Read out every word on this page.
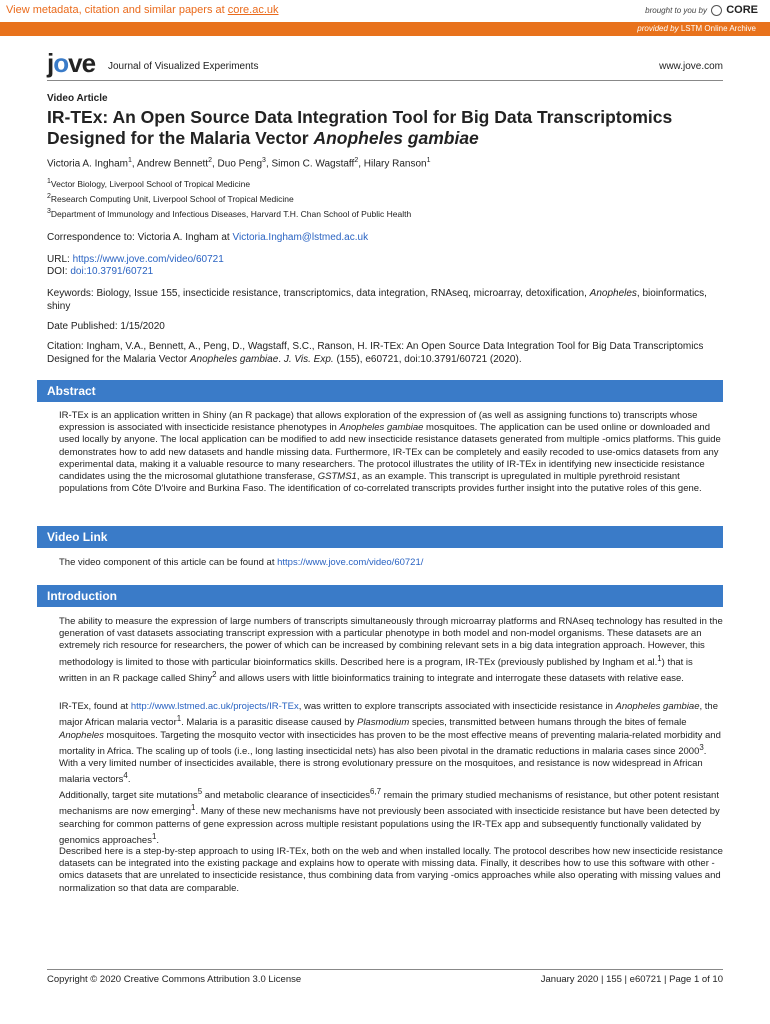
View metadata, citation and similar papers at core.ac.uk	brought to you by CORE
provided by LSTM Online Archive
jove Journal of Visualized Experiments	www.jove.com
Video Article
IR-TEx: An Open Source Data Integration Tool for Big Data Transcriptomics Designed for the Malaria Vector Anopheles gambiae
Victoria A. Ingham$^1$, Andrew Bennett$^2$, Duo Peng$^3$, Simon C. Wagstaff$^2$, Hilary Ranson$^1$
$^1$Vector Biology, Liverpool School of Tropical Medicine
$^2$Research Computing Unit, Liverpool School of Tropical Medicine
$^3$Department of Immunology and Infectious Diseases, Harvard T.H. Chan School of Public Health
Correspondence to: Victoria A. Ingham at Victoria.Ingham@lstmed.ac.uk
URL: https://www.jove.com/video/60721
DOI: doi:10.3791/60721
Keywords: Biology, Issue 155, insecticide resistance, transcriptomics, data integration, RNAseq, microarray, detoxification, Anopheles, bioinformatics, shiny
Date Published: 1/15/2020
Citation: Ingham, V.A., Bennett, A., Peng, D., Wagstaff, S.C., Ranson, H. IR-TEx: An Open Source Data Integration Tool for Big Data Transcriptomics Designed for the Malaria Vector Anopheles gambiae. J. Vis. Exp. (155), e60721, doi:10.3791/60721 (2020).
Abstract
IR-TEx is an application written in Shiny (an R package) that allows exploration of the expression of (as well as assigning functions to) transcripts whose expression is associated with insecticide resistance phenotypes in Anopheles gambiae mosquitoes. The application can be used online or downloaded and used locally by anyone. The local application can be modified to add new insecticide resistance datasets generated from multiple -omics platforms. This guide demonstrates how to add new datasets and handle missing data. Furthermore, IR-TEx can be completely and easily recoded to use-omics datasets from any experimental data, making it a valuable resource to many researchers. The protocol illustrates the utility of IR-TEx in identifying new insecticide resistance candidates using the the microsomal glutathione transferase, GSTMS1, as an example. This transcript is upregulated in multiple pyrethroid resistant populations from Côte D'Ivoire and Burkina Faso. The identification of co-correlated transcripts provides further insight into the putative roles of this gene.
Video Link
The video component of this article can be found at https://www.jove.com/video/60721/
Introduction
The ability to measure the expression of large numbers of transcripts simultaneously through microarray platforms and RNAseq technology has resulted in the generation of vast datasets associating transcript expression with a particular phenotype in both model and non-model organisms. These datasets are an extremely rich resource for researchers, the power of which can be increased by combining relevant sets in a big data integration approach. However, this methodology is limited to those with particular bioinformatics skills. Described here is a program, IR-TEx (previously published by Ingham et al.$^1$) that is written in an R package called Shiny$^2$ and allows users with little bioinformatics training to integrate and interrogate these datasets with relative ease.
IR-TEx, found at http://www.lstmed.ac.uk/projects/IR-TEx, was written to explore transcripts associated with insecticide resistance in Anopheles gambiae, the major African malaria vector$^1$. Malaria is a parasitic disease caused by Plasmodium species, transmitted between humans through the bites of female Anopheles mosquitoes. Targeting the mosquito vector with insecticides has proven to be the most effective means of preventing malaria-related morbidity and mortality in Africa. The scaling up of tools (i.e., long lasting insecticidal nets) has also been pivotal in the dramatic reductions in malaria cases since 2000$^3$. With a very limited number of insecticides available, there is strong evolutionary pressure on the mosquitoes, and resistance is now widespread in African malaria vectors$^4$.
Additionally, target site mutations$^5$ and metabolic clearance of insecticides$^{6,7}$ remain the primary studied mechanisms of resistance, but other potent resistant mechanisms are now emerging$^1$. Many of these new mechanisms have not previously been associated with insecticide resistance but have been detected by searching for common patterns of gene expression across multiple resistant populations using the IR-TEx app and subsequently functionally validated by genomics approaches$^1$.
Described here is a step-by-step approach to using IR-TEx, both on the web and when installed locally. The protocol describes how new insecticide resistance datasets can be integrated into the existing package and explains how to operate with missing data. Finally, it describes how to use this software with other -omics datasets that are unrelated to insecticide resistance, thus combining data from varying -omics approaches while also operating with missing values and normalization so that data are comparable.
Copyright © 2020 Creative Commons Attribution 3.0 License	January 2020 | 155 | e60721 | Page 1 of 10
